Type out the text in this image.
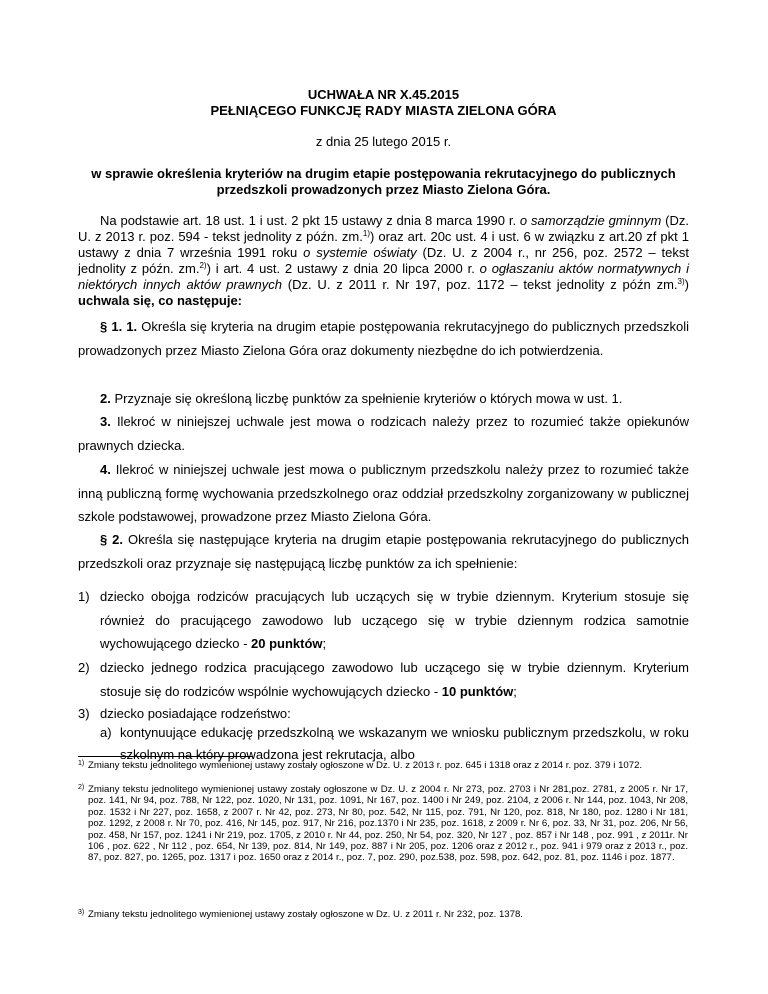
UCHWAŁA NR X.45.2015
PEŁNIĄCEGO FUNKCJĘ RADY MIASTA ZIELONA GÓRA
z dnia 25 lutego 2015 r.
w sprawie określenia kryteriów na drugim etapie postępowania rekrutacyjnego do publicznych przedszkoli prowadzonych przez Miasto Zielona Góra.
Na podstawie art. 18 ust. 1 i ust. 2 pkt 15 ustawy z dnia 8 marca 1990 r. o samorządzie gminnym (Dz. U. z 2013 r. poz. 594 - tekst jednolity z późn. zm.$^{1)}$) oraz art. 20c ust. 4 i ust. 6 w związku z art.20 zf pkt 1 ustawy z dnia 7 września 1991 roku o systemie oświaty (Dz. U. z 2004 r., nr 256, poz. 2572 – tekst jednolity z późn. zm.$^{2)}$) i art. 4 ust. 2 ustawy z dnia 20 lipca 2000 r. o ogłaszaniu aktów normatywnych i niektórych innych aktów prawnych (Dz. U. z 2011 r. Nr 197, poz. 1172 – tekst jednolity z późn zm.$^{3)}$) uchwala się, co następuje:
§ 1. 1. Określa się kryteria na drugim etapie postępowania rekrutacyjnego do publicznych przedszkoli prowadzonych przez Miasto Zielona Góra oraz dokumenty niezbędne do ich potwierdzenia.
2. Przyznaje się określoną liczbę punktów za spełnienie kryteriów o których mowa w ust. 1.
3. Ilekroć w niniejszej uchwale jest mowa o rodzicach należy przez to rozumieć także opiekunów prawnych dziecka.
4. Ilekroć w niniejszej uchwale jest mowa o publicznym przedszkolu należy przez to rozumieć także inną publiczną formę wychowania przedszkolnego oraz oddział przedszkolny zorganizowany w publicznej szkole podstawowej, prowadzone przez Miasto Zielona Góra.
§ 2. Określa się następujące kryteria na drugim etapie postępowania rekrutacyjnego do publicznych przedszkoli oraz przyznaje się następującą liczbę punktów za ich spełnienie:
1) dziecko obojga rodziców pracujących lub uczących się w trybie dziennym. Kryterium stosuje się również do pracującego zawodowo lub uczącego się w trybie dziennym rodzica samotnie wychowującego dziecko - 20 punktów;
2) dziecko jednego rodzica pracującego zawodowo lub uczącego się w trybie dziennym. Kryterium stosuje się do rodziców wspólnie wychowujących dziecko - 10 punktów;
3) dziecko posiadające rodzeństwo:
a) kontynuujące edukację przedszkolną we wskazanym we wniosku publicznym przedszkolu, w roku szkolnym na który prowadzona jest rekrutacja, albo
1) Zmiany tekstu jednolitego wymienionej ustawy zostały ogłoszone w Dz. U. z 2013 r. poz. 645 i 1318 oraz z 2014 r. poz. 379 i 1072.
2) Zmiany tekstu jednolitego wymienionej ustawy zostały ogłoszone w Dz. U. z 2004 r. Nr 273, poz. 2703 i Nr 281,poz. 2781, z 2005 r. Nr 17, poz. 141, Nr 94, poz. 788, Nr 122, poz. 1020, Nr 131, poz. 1091, Nr 167, poz. 1400 i Nr 249, poz. 2104, z 2006 r. Nr 144, poz. 1043, Nr 208, poz. 1532 i Nr 227, poz. 1658, z 2007 r. Nr 42, poz. 273, Nr 80, poz. 542, Nr 115, poz. 791, Nr 120, poz. 818, Nr 180, poz. 1280 i Nr 181, poz. 1292, z 2008 r. Nr 70, poz. 416, Nr 145, poz. 917, Nr 216, poz.1370 i Nr 235, poz. 1618, z 2009 r. Nr 6, poz. 33, Nr 31, poz. 206, Nr 56, poz. 458, Nr 157, poz. 1241 i Nr 219, poz. 1705, z 2010 r. Nr 44, poz. 250, Nr 54, poz. 320, Nr 127 , poz. 857 i Nr 148 , poz. 991 , z 2011r. Nr 106 , poz. 622 , Nr 112 , poz. 654, Nr 139, poz. 814, Nr 149, poz. 887 i Nr 205, poz. 1206 oraz z 2012 r., poz. 941 i 979 oraz z 2013 r., poz. 87, poz. 827, po. 1265, poz. 1317 i poz. 1650 oraz z 2014 r., poz. 7, poz. 290, poz.538, poz. 598, poz. 642, poz. 81, poz. 1146 i poz. 1877.
3) Zmiany tekstu jednolitego wymienionej ustawy zostały ogłoszone w Dz. U. z 2011 r. Nr 232, poz. 1378.
